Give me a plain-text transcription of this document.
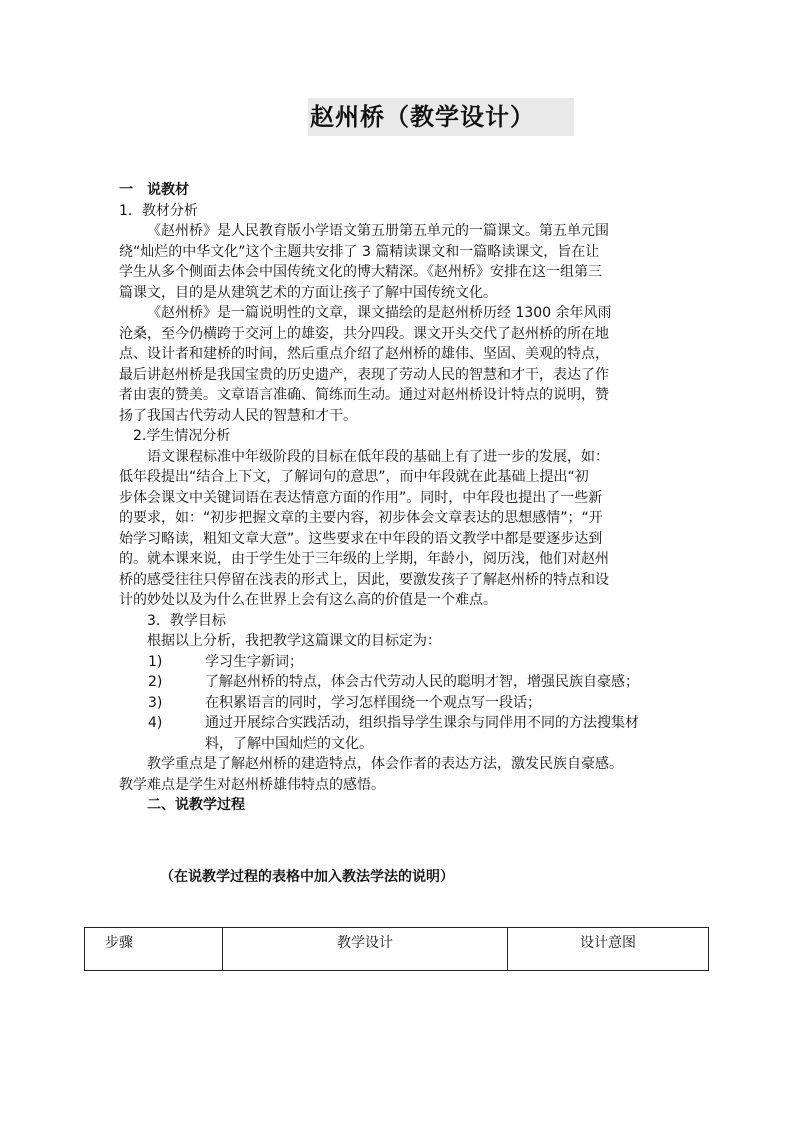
赵州桥（教学设计）
一　说教材
1．教材分析
《赵州桥》是人民教育版小学语文第五册第五单元的一篇课文。第五单元围
绕“灿烂的中华文化”这个主题共安排了 3 篇精读课文和一篇略读课文，旨在让
学生从多个侧面去体会中国传统文化的博大精深。《赵州桥》安排在这一组第三
篇课文，目的是从建筑艺术的方面让孩子了解中国传统文化。
《赵州桥》是一篇说明性的文章，课文描绘的是赵州桥历经 1300 余年风雨
沧桑，至今仍横跨于交河上的雄姿，共分四段。课文开头交代了赵州桥的所在地
点、设计者和建桥的时间，然后重点介绍了赵州桥的雄伟、坚固、美观的特点，
最后讲赵州桥是我国宝贵的历史遗产，表现了劳动人民的智慧和才干，表达了作
者由衷的赞美。文章语言准确、简练而生动。通过对赵州桥设计特点的说明，赞
扬了我国古代劳动人民的智慧和才干。
2.学生情况分析
语文课程标准中年级阶段的目标在低年段的基础上有了进一步的发展，如：
低年段提出“结合上下文，了解词句的意思”，而中年段就在此基础上提出“初
步体会课文中关键词语在表达情意方面的作用”。同时，中年段也提出了一些新
的要求，如：“初步把握文章的主要内容，初步体会文章表达的思想感情”；“开
始学习略读，粗知文章大意”。这些要求在中年段的语文教学中都是要逐步达到
的。就本课来说，由于学生处于三年级的上学期，年龄小，阅历浅，他们对赵州
桥的感受往往只停留在浅表的形式上，因此，要激发孩子了解赵州桥的特点和设
计的妙处以及为什么在世界上会有这么高的价值是一个难点。
3．教学目标
根据以上分析，我把教学这篇课文的目标定为：
1)	学习生字新词；
2)	了解赵州桥的特点，体会古代劳动人民的聪明才智，增强民族自豪感；
3)	在积累语言的同时，学习怎样围绕一个观点写一段话；
4)	通过开展综合实践活动，组织指导学生课余与同伴用不同的方法搜集材料，了解中国灿烂的文化。
教学重点是了解赵州桥的建造特点，体会作者的表达方法，激发民族自豪感。
教学难点是学生对赵州桥雄伟特点的感悟。
二、说教学过程
（在说教学过程的表格中加入教法学法的说明）
步骤	教学设计	设计意图
